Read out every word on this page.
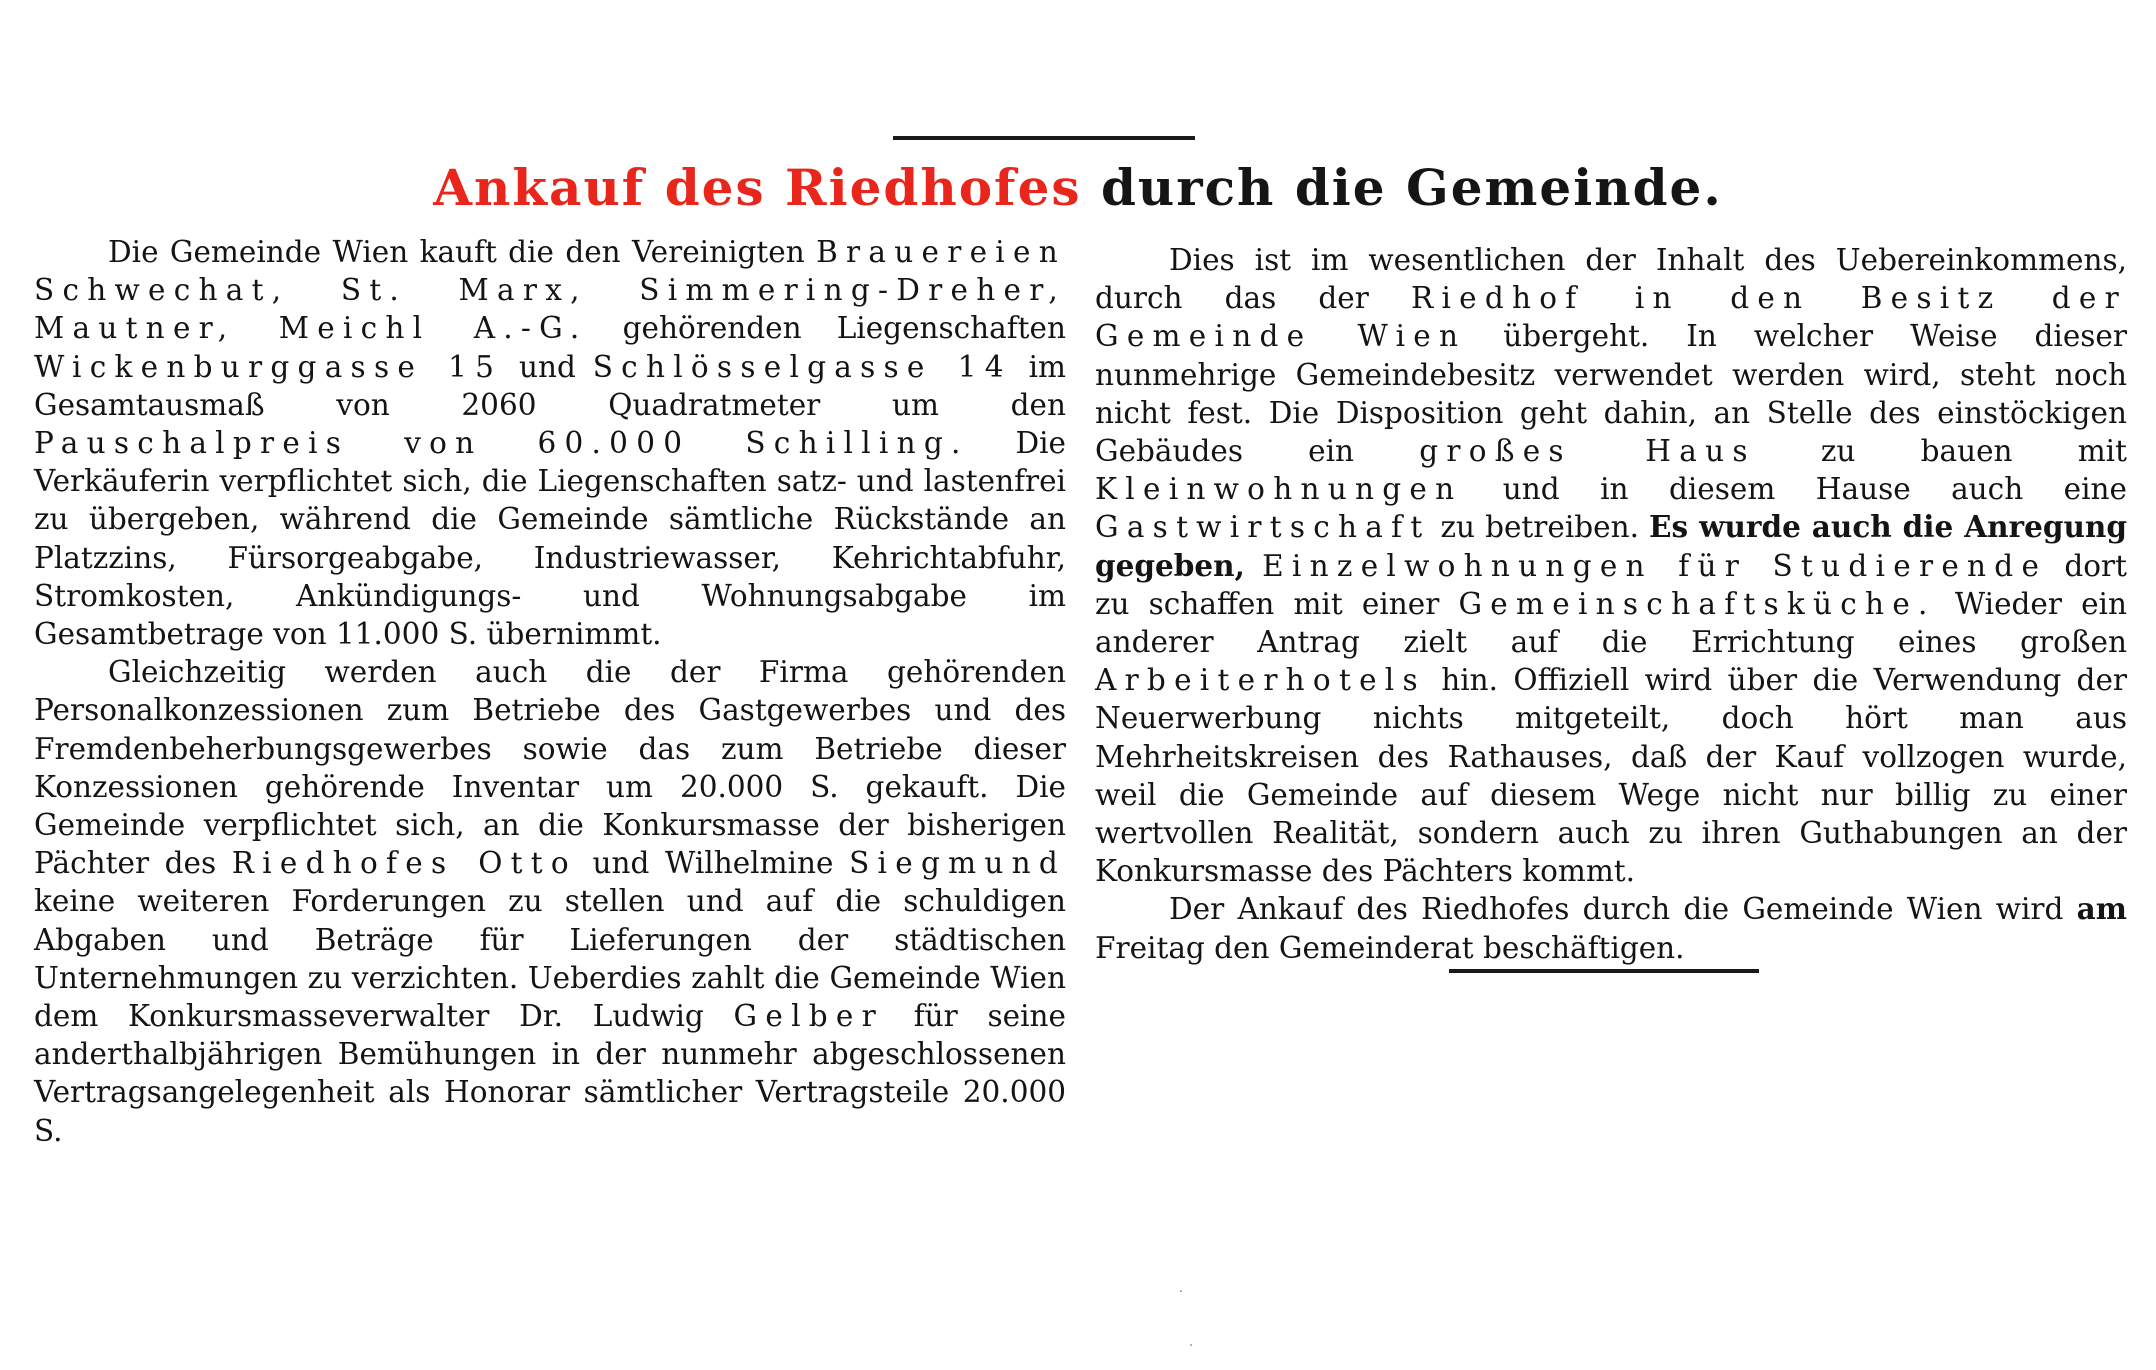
Ankauf des Riedhofes durch die Gemeinde.

Die Gemeinde Wien kauft die den Vereinigten Brauereien Schwechat, St. Marx, Simmering-Dreher, Mautner, Meichl A.-G. gehörenden Liegenschaften Wickenburggasse 15 und Schlösselgasse 14 im Gesamtausmaß von 2060 Quadratmeter um den Pauschalpreis von 60.000 Schilling. Die Verkäuferin verpflichtet sich, die Liegenschaften satz- und lastenfrei zu übergeben, während die Gemeinde sämtliche Rückstände an Platzzins, Fürsorgeabgabe, Industriewasser, Kehrichtabfuhr, Stromkosten, Ankündigungs- und Wohnungsabgabe im Gesamtbetrage von 11.000 S. übernimmt.

Gleichzeitig werden auch die der Firma gehörenden Personalkonzessionen zum Betriebe des Gastgewerbes und des Fremdenbeherbungsgewerbes sowie das zum Betriebe dieser Konzessionen gehörende Inventar um 20.000 S. gekauft. Die Gemeinde verpflichtet sich, an die Konkursmasse der bisherigen Pächter des Riedhofes Otto und Wilhelmine Siegmund keine weiteren Forderungen zu stellen und auf die schuldigen Abgaben und Beträge für Lieferungen der städtischen Unternehmungen zu verzichten. Ueberdies zahlt die Gemeinde Wien dem Konkursmasseverwalter Dr. Ludwig Gelber für seine anderthalbjährigen Bemühungen in der nunmehr abgeschlossenen Vertragsangelegenheit als Honorar sämtlicher Vertragsteile 20.000 S.

Dies ist im wesentlichen der Inhalt des Uebereinkommens, durch das der Riedhof in den Besitz der Gemeinde Wien übergeht. In welcher Weise dieser nunmehrige Gemeindebesitz verwendet werden wird, steht noch nicht fest. Die Disposition geht dahin, an Stelle des einstöckigen Gebäudes ein großes Haus zu bauen mit Kleinwohnungen und in diesem Hause auch eine Gastwirtschaft zu betreiben. Es wurde auch die Anregung gegeben, Einzelwohnungen für Studierende dort zu schaffen mit einer Gemeinschaftsküche. Wieder ein anderer Antrag zielt auf die Errichtung eines großen Arbeiterhotels hin. Offiziell wird über die Verwendung der Neuerwerbung nichts mitgeteilt, doch hört man aus Mehrheitskreisen des Rathauses, daß der Kauf vollzogen wurde, weil die Gemeinde auf diesem Wege nicht nur billig zu einer wertvollen Realität, sondern auch zu ihren Guthabungen an der Konkursmasse des Pächters kommt.

Der Ankauf des Riedhofes durch die Gemeinde Wien wird am Freitag den Gemeinderat beschäftigen.
